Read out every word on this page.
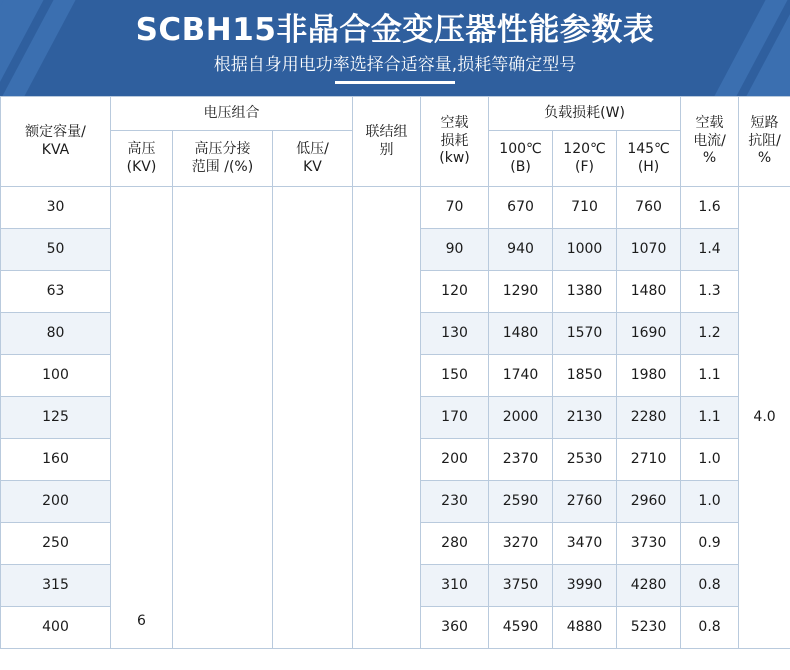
SCBH15非晶合金变压器性能参数表
根据自身用电功率选择合适容量,损耗等确定型号
额定容量/
KVA
	电压组合	
联结组
别

空载
损耗
(kw)
	负载损耗(W)	
空载
电流/
%

短路
抗阻/
%

高压
(KV)

高压分接
范围 /(%)

低压/
KV

100℃
(B)

120℃
(F)

145℃
(H)

30	6				70	670	710	760	1.6	4.0
50					90	940	1000	1070	1.4	
63					120	1290	1380	1480	1.3	
80					130	1480	1570	1690	1.2	
100					150	1740	1850	1980	1.1	
125					170	2000	2130	2280	1.1	
160					200	2370	2530	2710	1.0	
200					230	2590	2760	2960	1.0	
250					280	3270	3470	3730	0.9	
315					310	3750	3990	4280	0.8	
400					360	4590	4880	5230	0.8	
